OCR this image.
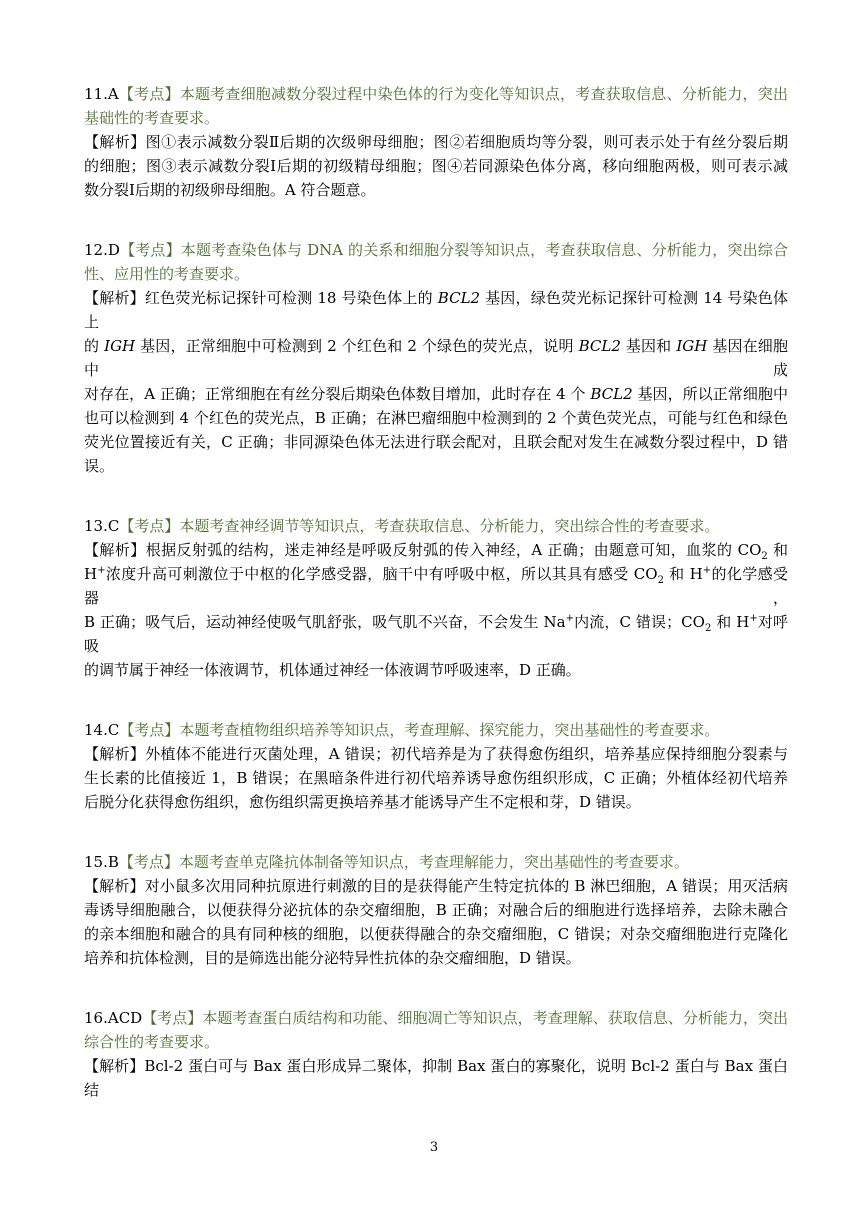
11.A【考点】本题考查细胞减数分裂过程中染色体的行为变化等知识点，考查获取信息、分析能力，突出

基础性的考查要求。

【解析】图①表示减数分裂Ⅱ后期的次级卵母细胞；图②若细胞质均等分裂，则可表示处于有丝分裂后期

的细胞；图③表示减数分裂Ⅰ后期的初级精母细胞；图④若同源染色体分离，移向细胞两极，则可表示减

数分裂Ⅰ后期的初级卵母细胞。A 符合题意。

12.D【考点】本题考查染色体与 DNA 的关系和细胞分裂等知识点，考查获取信息、分析能力，突出综合

性、应用性的考查要求。

【解析】红色荧光标记探针可检测 18 号染色体上的 BCL2 基因，绿色荧光标记探针可检测 14 号染色体上

的 IGH 基因，正常细胞中可检测到 2 个红色和 2 个绿色的荧光点，说明 BCL2 基因和 IGH 基因在细胞中成

对存在，A 正确；正常细胞在有丝分裂后期染色体数目增加，此时存在 4 个 BCL2 基因，所以正常细胞中

也可以检测到 4 个红色的荧光点，B 正确；在淋巴瘤细胞中检测到的 2 个黄色荧光点，可能与红色和绿色

荧光位置接近有关，C 正确；非同源染色体无法进行联会配对，且联会配对发生在减数分裂过程中，D 错

误。

13.C【考点】本题考查神经调节等知识点，考查获取信息、分析能力，突出综合性的考查要求。

【解析】根据反射弧的结构，迷走神经是呼吸反射弧的传入神经，A 正确；由题意可知，血浆的 $CO_2$ 和

H+浓度升高可刺激位于中枢的化学感受器，脑干中有呼吸中枢，所以其具有感受 $CO_2$ 和 H+的化学感受器，

B 正确；吸气后，运动神经使吸气肌舒张，吸气肌不兴奋，不会发生 Na+内流，C 错误；$CO_2$ 和 H+对呼吸

的调节属于神经一体液调节，机体通过神经一体液调节呼吸速率，D 正确。

14.C【考点】本题考查植物组织培养等知识点，考查理解、探究能力，突出基础性的考查要求。

【解析】外植体不能进行灭菌处理，A 错误；初代培养是为了获得愈伤组织，培养基应保持细胞分裂素与

生长素的比值接近 1，B 错误；在黑暗条件进行初代培养诱导愈伤组织形成，C 正确；外植体经初代培养

后脱分化获得愈伤组织，愈伤组织需更换培养基才能诱导产生不定根和芽，D 错误。

15.B【考点】本题考查单克隆抗体制备等知识点，考查理解能力，突出基础性的考查要求。

【解析】对小鼠多次用同种抗原进行刺激的目的是获得能产生特定抗体的 B 淋巴细胞，A 错误；用灭活病

毒诱导细胞融合，以便获得分泌抗体的杂交瘤细胞，B 正确；对融合后的细胞进行选择培养，去除未融合

的亲本细胞和融合的具有同种核的细胞，以便获得融合的杂交瘤细胞，C 错误；对杂交瘤细胞进行克隆化

培养和抗体检测，目的是筛选出能分泌特异性抗体的杂交瘤细胞，D 错误。

16.ACD【考点】本题考查蛋白质结构和功能、细胞凋亡等知识点，考查理解、获取信息、分析能力，突出

综合性的考查要求。

【解析】Bcl-2 蛋白可与 Bax 蛋白形成异二聚体，抑制 Bax 蛋白的寡聚化，说明 Bcl-2 蛋白与 Bax 蛋白结

3
